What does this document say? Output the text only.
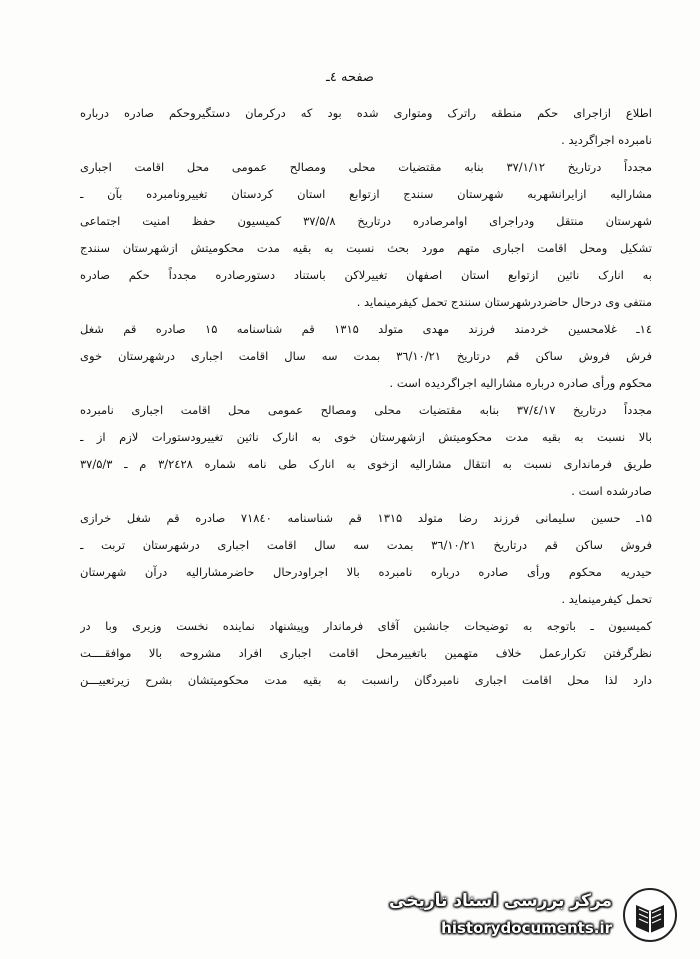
صفحه ٤ـ
اطلاع ازاجرای حکم منطقه راترک ومتواری شده بود که درکرمان دستگیروحکم صادره درباره
نامبرده اجراگردید .
مجدداً درتاریخ ۳۷/۱/۱۲ بنابه مقتضیات محلی ومصالح عمومی محل اقامت اجباری
مشارالیه ازایرانشهربه شهرستان سنندج ازتوابع استان کردستان تغییرونامبرده بآن ـ
شهرستان منتقل ودراجرای اوامرصادره درتاریخ ۳۷/۵/۸ کمیسیون حفظ امنیت اجتماعی
تشکیل ومحل اقامت اجباری متهم مورد بحث نسبت به بقیه مدت محکومیتش ازشهرستان سنندج
به انارک ناثین ازتوابع استان اصفهان تغییرلاکن باستناد دستورصادره مجدداً حکم صادره
منتفی وی درحال حاضردرشهرستان سنندج تحمل کیفرمینماید .
۱٤ـ غلامحسین خردمند فرزند مهدی متولد ۱۳۱۵ قم شناسنامه ۱۵ صادره قم شغل
فرش فروش ساکن قم درتاریخ ۳٦/۱۰/۲۱ بمدت سه سال اقامت اجباری درشهرستان خوی
محکوم ورأی صادره درباره مشارالیه اجراگردیده است .
مجدداً درتاریخ ۳۷/٤/۱۷ بنابه مقتضیات محلی ومصالح عمومی محل اقامت اجباری نامبرده
بالا نسبت به بقیه مدت محکومیتش ازشهرستان خوی به انارک ناثین تغییرودستورات لازم از ـ
طریق فرمانداری نسبت به انتقال مشارالیه ازخوی به انارک طی نامه شماره ۳/۲٤۲۸ م ـ ۳۷/۵/۳
صادرشده است .
۱۵ـ حسین سلیمانی فرزند رضا متولد ۱۳۱۵ قم شناسنامه ۷۱۸٤۰ صادره قم شغل خرازی
فروش ساکن قم درتاریخ ۳٦/۱۰/۲۱ بمدت سه سال اقامت اجباری درشهرستان تربت ـ
حیدریه محکوم ورأی صادره درباره نامبرده بالا اجراودرحال حاضرمشارالیه درآن شهرستان
تحمل کیفرمینماید .
کمیسیون ـ باتوجه به توضیحات جانشین آقای فرماندار وپیشنهاد نماینده نخست وزیری وبا در
نظرگرفتن تکرارعمل خلاف متهمین باتغییرمحل اقامت اجباری افراد مشروحه بالا موافقــــت
دارد لذا محل اقامت اجباری نامبردگان رانسبت به بقیه مدت محکومیتشان بشرح زیرتعییـــن
مرکز بررسی اسناد تاریخی
historydocuments.ir
